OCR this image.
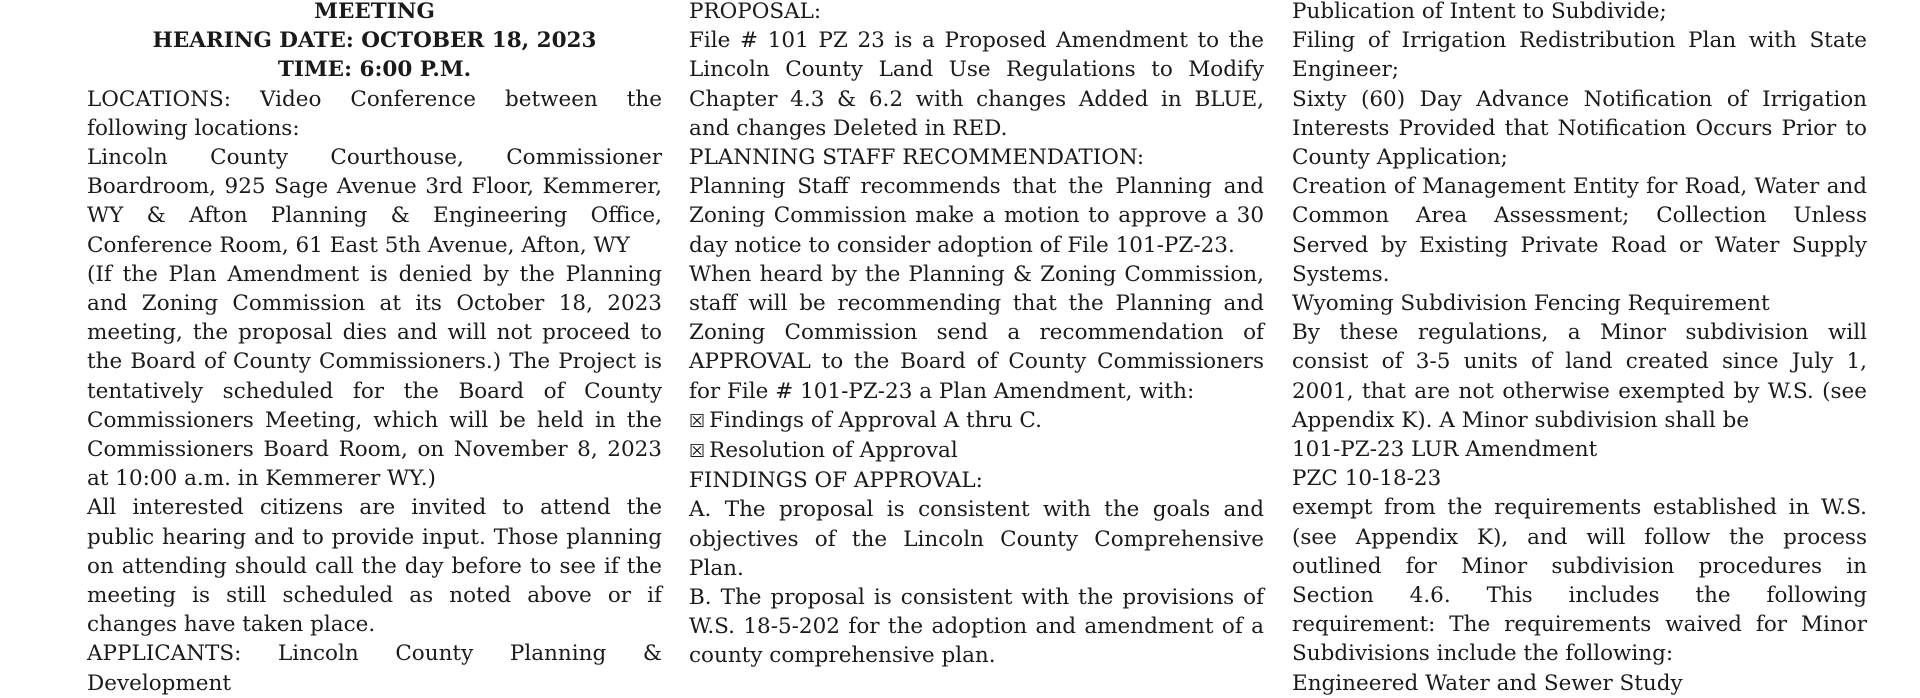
MEETING

HEARING DATE: OCTOBER 18, 2023

TIME: 6:00 P.M.

LOCATIONS: Video Conference between the following locations:

Lincoln County Courthouse, Commissioner Boardroom, 925 Sage Avenue 3rd Floor, Kemmerer, WY & Afton Planning & Engineering Office, Conference Room, 61 East 5th Avenue, Afton, WY

(If the Plan Amendment is denied by the Planning and Zoning Commission at its October 18, 2023 meeting, the proposal dies and will not proceed to the Board of County Commissioners.) The Project is tentatively scheduled for the Board of County Commissioners Meeting, which will be held in the Commissioners Board Room, on November 8, 2023 at 10:00 a.m. in Kemmerer WY.)

All interested citizens are invited to attend the public hearing and to provide input. Those planning on attending should call the day before to see if the meeting is still scheduled as noted above or if changes have taken place.

APPLICANTS: Lincoln County Planning & Development

PROPOSAL:

File # 101 PZ 23 is a Proposed Amendment to the Lincoln County Land Use Regulations to Modify Chapter 4.3 & 6.2 with changes Added in BLUE, and changes Deleted in RED.

PLANNING STAFF RECOMMENDATION:

Planning Staff recommends that the Planning and Zoning Commission make a motion to approve a 30 day notice to consider adoption of File 101-PZ-23.

When heard by the Planning & Zoning Commission, staff will be recommending that the Planning and Zoning Commission send a recommendation of APPROVAL to the Board of County Commissioners for File # 101-PZ-23 a Plan Amendment, with:

☒ Findings of Approval A thru C.

☒ Resolution of Approval

FINDINGS OF APPROVAL:

A. The proposal is consistent with the goals and objectives of the Lincoln County Comprehensive Plan.

B. The proposal is consistent with the provisions of W.S. 18-5-202 for the adoption and amendment of a county comprehensive plan.

Publication of Intent to Subdivide;

Filing of Irrigation Redistribution Plan with State Engineer;

Sixty (60) Day Advance Notification of Irrigation Interests Provided that Notification Occurs Prior to County Application;

Creation of Management Entity for Road, Water and Common Area Assessment; Collection Unless Served by Existing Private Road or Water Supply Systems.

Wyoming Subdivision Fencing Requirement

By these regulations, a Minor subdivision will consist of 3-5 units of land created since July 1, 2001, that are not otherwise exempted by W.S. (see Appendix K). A Minor subdivision shall be

101-PZ-23 LUR Amendment

PZC 10-18-23

exempt from the requirements established in W.S. (see Appendix K), and will follow the process outlined for Minor subdivision procedures in Section 4.6. This includes the following requirement: The requirements waived for Minor Subdivisions include the following:

Engineered Water and Sewer Study
